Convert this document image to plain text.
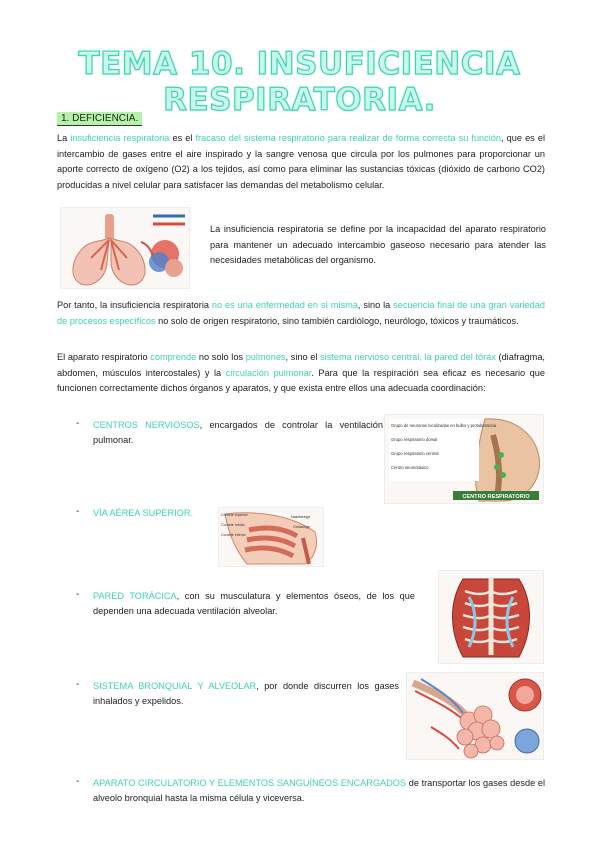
TEMA 10. INSUFICIENCIA RESPIRATORIA.
1. DEFICIENCIA.
La insuficiencia respiratoria es el fracaso del sistema respiratorio para realizar de forma correcta su función, que es el intercambio de gases entre el aire inspirado y la sangre venosa que circula por los pulmones para proporcionar un aporte correcto de oxígeno (O2) a los tejidos, así como para eliminar las sustancias tóxicas (dióxido de carbono CO2) producidas a nivel celular para satisfacer las demandas del metabolismo celular.
La insuficiencia respiratoria se define por la incapacidad del aparato respiratorio para mantener un adecuado intercambio gaseoso necesario para atender las necesidades metabólicas del organismo.
Por tanto, la insuficiencia respiratoria no es una enfermedad en sí misma, sino la secuencia final de una gran variedad de procesos específicos no solo de origen respiratorio, sino también cardiólogo, neurólogo, tóxicos y traumáticos.
El aparato respiratorio comprende no solo los pulmones, sino el sistema nervioso central, la pared del tórax (diafragma, abdomen, músculos intercostales) y la circulación pulmonar. Para que la respiración sea eficaz es necesario que funcionen correctamente dichos órganos y aparatos, y que exista entre ellos una adecuada coordinación:
- CENTROS NERVIOSOS, encargados de controlar la ventilación pulmonar.
CENTRO RESPIRATORIO
Grupo de neuronas localizadas en bulbo y protuberancia
Grupo respiratorio dorsal
Grupo respiratorio ventral
Centro neumotáxico
- VÍA AÉREA SUPERIOR.	Cornete superior
Cornete medio
Cornete inferior
Nasofaringe
Orofaringe
- PARED TORÁCICA, con su musculatura y elementos óseos, de los que dependen una adecuada ventilación alveolar.
- SISTEMA BRONQUIAL Y ALVEOLAR, por donde discurren los gases inhalados y expelidos.
- APARATO CIRCULATORIO Y ELEMENTOS SANGUÍNEOS ENCARGADOS de transportar los gases desde el alveolo bronquial hasta la misma célula y viceversa.
